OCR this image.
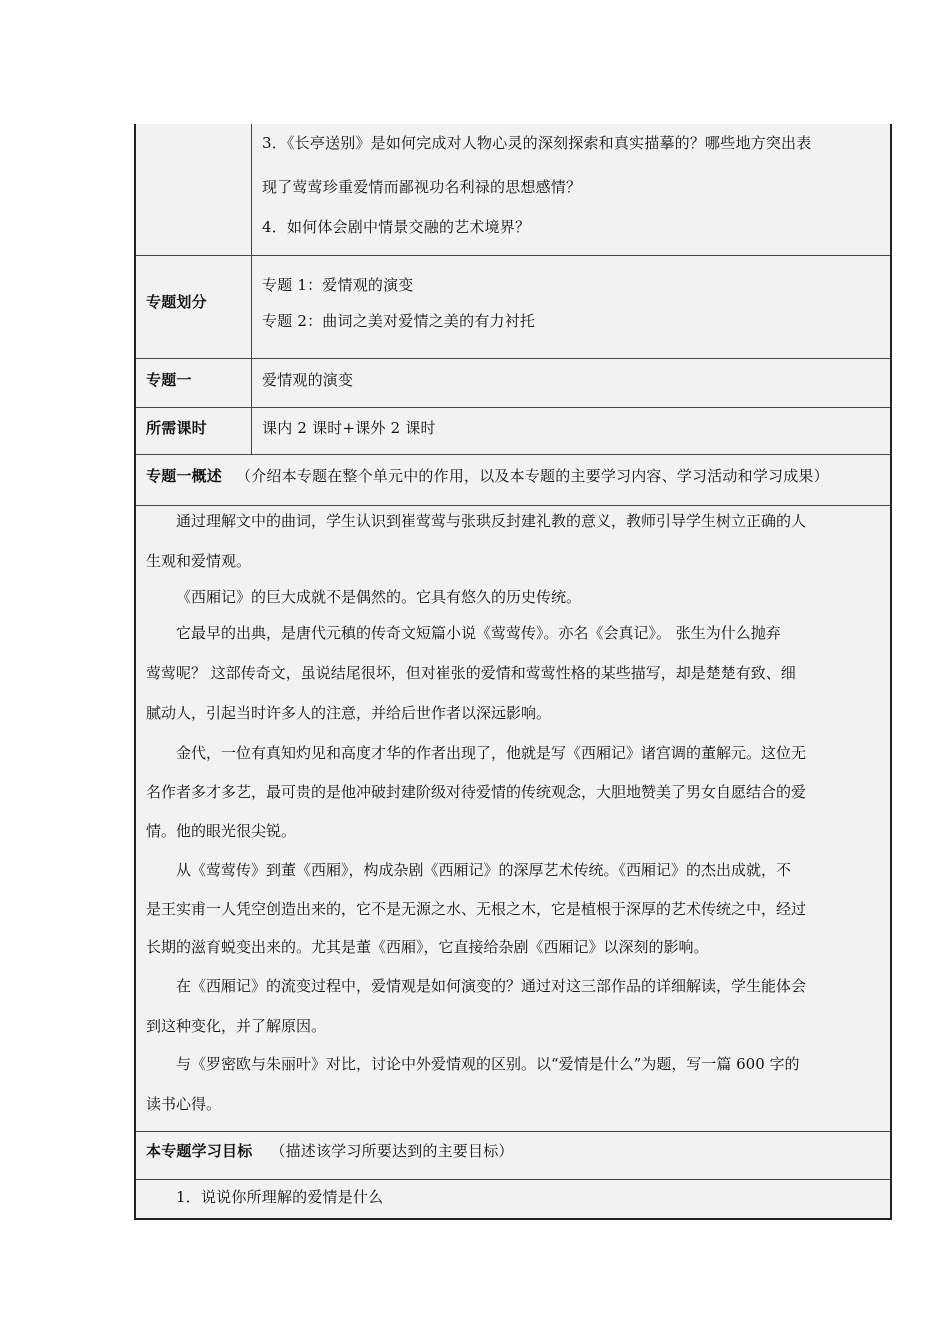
3．《长亭送别》是如何完成对人物心灵的深刻探索和真实描摹的？哪些地方突出表
现了莺莺珍重爱情而鄙视功名利禄的思想感情？
4．如何体会剧中情景交融的艺术境界？
专题划分
专题 1：爱情观的演变
专题 2：曲词之美对爱情之美的有力衬托
专题一	爱情观的演变
所需课时	课内 2 课时+课外 2 课时
专题一概述 （介绍本专题在整个单元中的作用，以及本专题的主要学习内容、学习活动和学习成果）
通过理解文中的曲词，学生认识到崔莺莺与张珙反封建礼教的意义，教师引导学生树立正确的人
生观和爱情观。
《西厢记》的巨大成就不是偶然的。它具有悠久的历史传统。
它最早的出典，是唐代元稹的传奇文短篇小说《莺莺传》。亦名《会真记》。 张生为什么抛弃
莺莺呢？ 这部传奇文，虽说结尾很坏，但对崔张的爱情和莺莺性格的某些描写，却是楚楚有致、细
腻动人，引起当时许多人的注意，并给后世作者以深远影响。
金代，一位有真知灼见和高度才华的作者出现了，他就是写《西厢记》诸宫调的董解元。这位无
名作者多才多艺，最可贵的是他冲破封建阶级对待爱情的传统观念，大胆地赞美了男女自愿结合的爱
情。他的眼光很尖锐。
从《莺莺传》到董《西厢》，构成杂剧《西厢记》的深厚艺术传统。《西厢记》的杰出成就，不
是王实甫一人凭空创造出来的，它不是无源之水、无根之木，它是植根于深厚的艺术传统之中，经过
长期的滋育蜕变出来的。尤其是董《西厢》，它直接给杂剧《西厢记》以深刻的影响。
在《西厢记》的流变过程中，爱情观是如何演变的？通过对这三部作品的详细解读，学生能体会
到这种变化，并了解原因。
与《罗密欧与朱丽叶》对比，讨论中外爱情观的区别。以“爱情是什么”为题，写一篇 600 字的
读书心得。
本专题学习目标 （描述该学习所要达到的主要目标）
1．说说你所理解的爱情是什么
